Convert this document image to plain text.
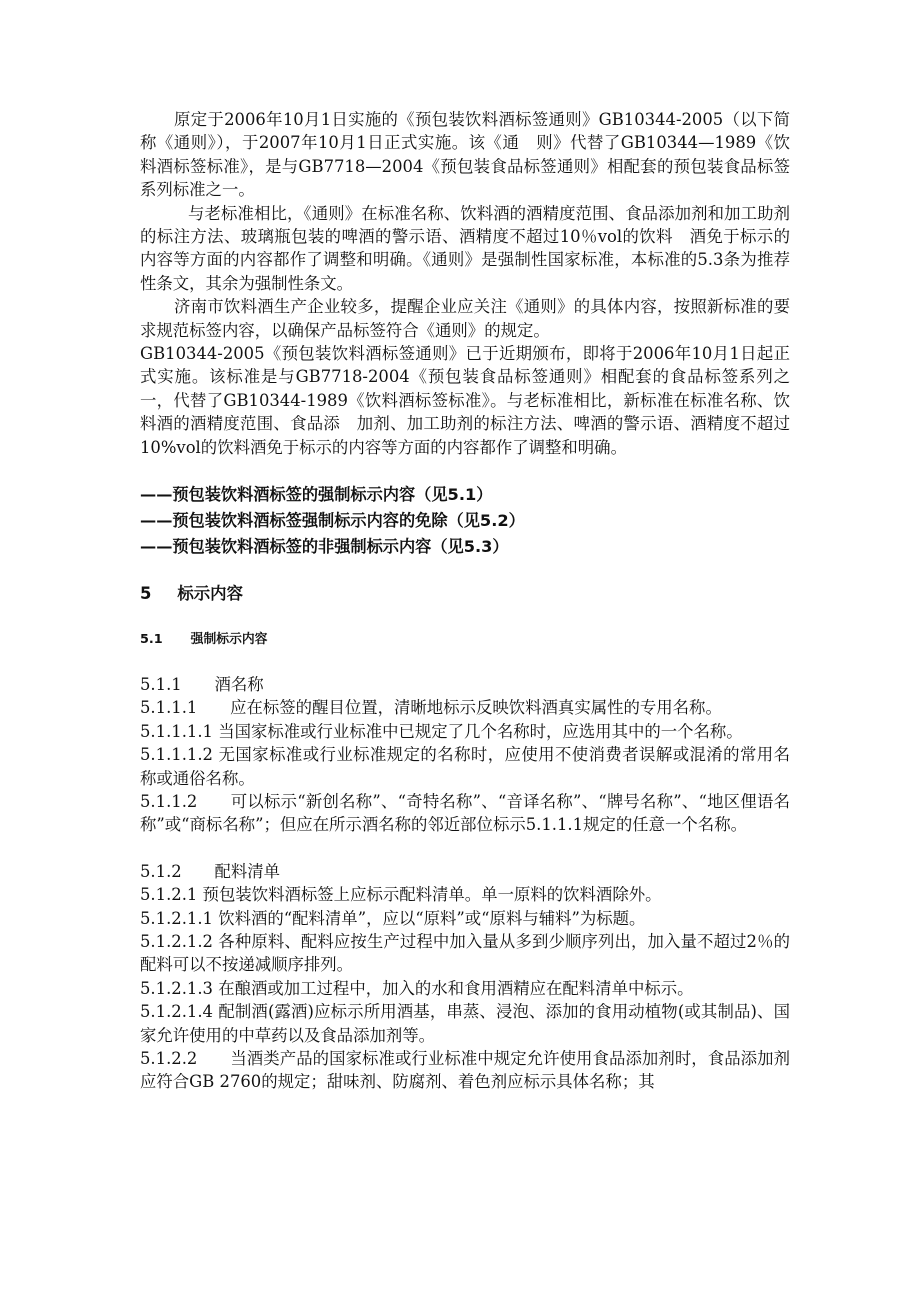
原定于2006年10月1日实施的《预包装饮料酒标签通则》GB10344-2005（以下简称《通则》），于2007年10月1日正式实施。该《通　则》代替了GB10344—1989《饮料酒标签标准》，是与GB7718—2004《预包装食品标签通则》相配套的预包装食品标签系列标准之一。

与老标准相比，《通则》在标准名称、饮料酒的酒精度范围、食品添加剂和加工助剂的标注方法、玻璃瓶包装的啤酒的警示语、酒精度不超过10％vol的饮料　酒免于标示的内容等方面的内容都作了调整和明确。《通则》是强制性国家标准，本标准的5.3条为推荐性条文，其余为强制性条文。

济南市饮料酒生产企业较多，提醒企业应关注《通则》的具体内容，按照新标准的要求规范标签内容，以确保产品标签符合《通则》的规定。

GB10344-2005《预包装饮料酒标签通则》已于近期颁布，即将于2006年10月1日起正式实施。该标准是与GB7718-2004《预包装食品标签通则》相配套的食品标签系列之一，代替了GB10344-1989《饮料酒标签标准》。与老标准相比，新标准在标准名称、饮料酒的酒精度范围、食品添　加剂、加工助剂的标注方法、啤酒的警示语、酒精度不超过10%vol的饮料酒免于标示的内容等方面的内容都作了调整和明确。

——预包装饮料酒标签的强制标示内容（见5.1）

——预包装饮料酒标签强制标示内容的免除（见5.2）

——预包装饮料酒标签的非强制标示内容（见5.3）

5 标示内容

5.1 强制标示内容

5.1.1　　酒名称

5.1.1.1　　应在标签的醒目位置，清晰地标示反映饮料酒真实属性的专用名称。

5.1.1.1.1 当国家标准或行业标准中已规定了几个名称时，应选用其中的一个名称。

5.1.1.1.2 无国家标准或行业标准规定的名称时，应使用不使消费者误解或混淆的常用名称或通俗名称。

5.1.1.2　　可以标示“新创名称”、“奇特名称”、“音译名称”、“牌号名称”、“地区俚语名称”或“商标名称”；但应在所示酒名称的邻近部位标示5.1.1.1规定的任意一个名称。

5.1.2　　配料清单

5.1.2.1 预包装饮料酒标签上应标示配料清单。单一原料的饮料酒除外。

5.1.2.1.1 饮料酒的“配料清单”，应以“原料”或“原料与辅料”为标题。

5.1.2.1.2 各种原料、配料应按生产过程中加入量从多到少顺序列出，加入量不超过2％的配料可以不按递减顺序排列。

5.1.2.1.3 在酿酒或加工过程中，加入的水和食用酒精应在配料清单中标示。

5.1.2.1.4 配制酒(露酒)应标示所用酒基，串蒸、浸泡、添加的食用动植物(或其制品)、国家允许使用的中草药以及食品添加剂等。

5.1.2.2　　当酒类产品的国家标准或行业标准中规定允许使用食品添加剂时，食品添加剂应符合GB 2760的规定；甜味剂、防腐剂、着色剂应标示具体名称；其
